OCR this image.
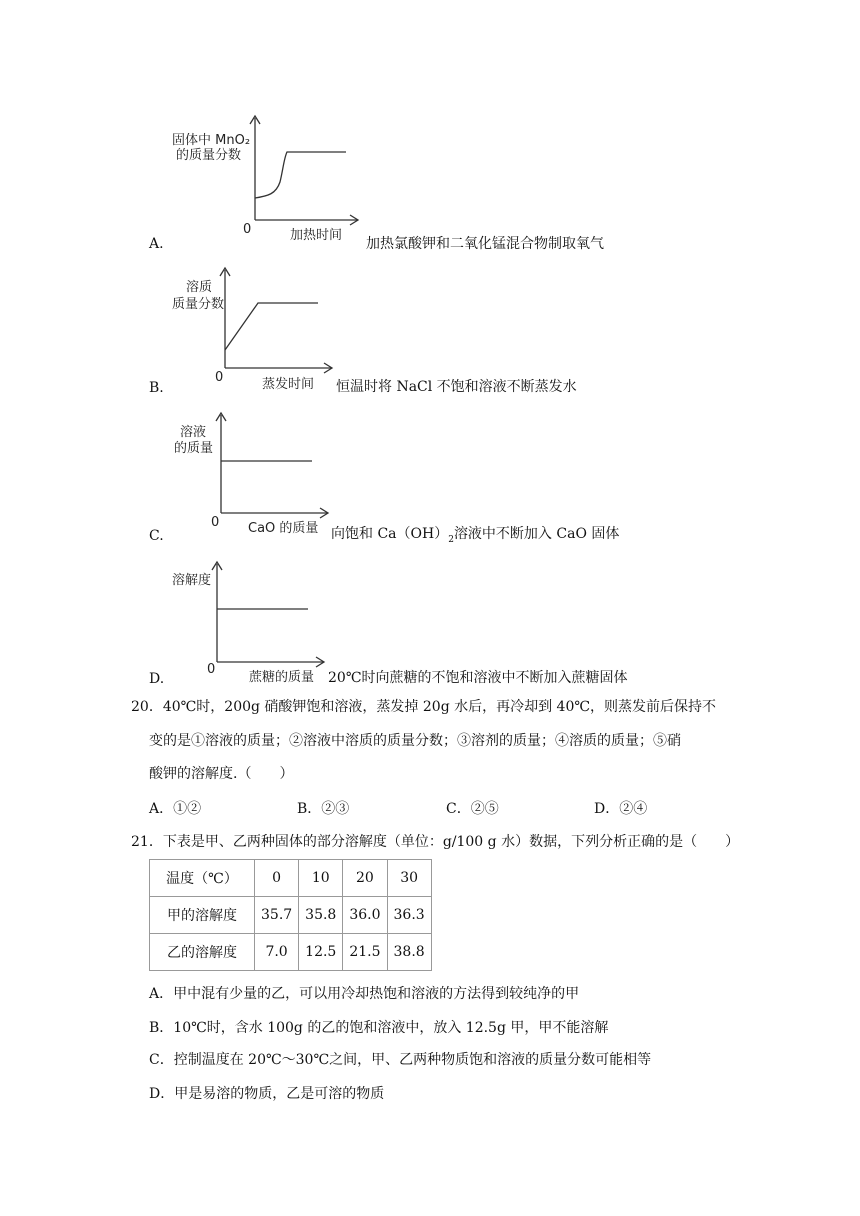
固体中 MnO₂
的质量分数
0	加热时间
A.	加热氯酸钾和二氧化锰混合物制取氧气
溶质
质量分数
0	蒸发时间
B.	恒温时将 NaCl 不饱和溶液不断蒸发水
溶液
的质量
0 CaO 的质量
C.	向饱和 $Ca(OH)_2$溶液中不断加入 CaO 固体
溶解度
0
蔗糖的质量
D.	20℃时向蔗糖的不饱和溶液中不断加入蔗糖固体
20．40℃时，200g 硝酸钾饱和溶液，蒸发掉 20g 水后，再冷却到 40℃，则蒸发前后保持不
变的是①溶液的质量；②溶液中溶质的质量分数；③溶剂的质量；④溶质的质量；⑤硝
酸钾的溶解度.（　　）
A．①②	B．②③	C．②⑤	D．②④
21．下表是甲、乙两种固体的部分溶解度（单位：g/100 g 水）数据，下列分析正确的是（　　）
温度（℃）	0	10	20	30
甲的溶解度	35.7	35.8	36.0	36.3
乙的溶解度	7.0	12.5	21.5	38.8
A．甲中混有少量的乙，可以用冷却热饱和溶液的方法得到较纯净的甲
B．10℃时，含水 100g 的乙的饱和溶液中，放入 12.5g 甲，甲不能溶解
C．控制温度在 20℃～30℃之间，甲、乙两种物质饱和溶液的质量分数可能相等
D．甲是易溶的物质，乙是可溶的物质
